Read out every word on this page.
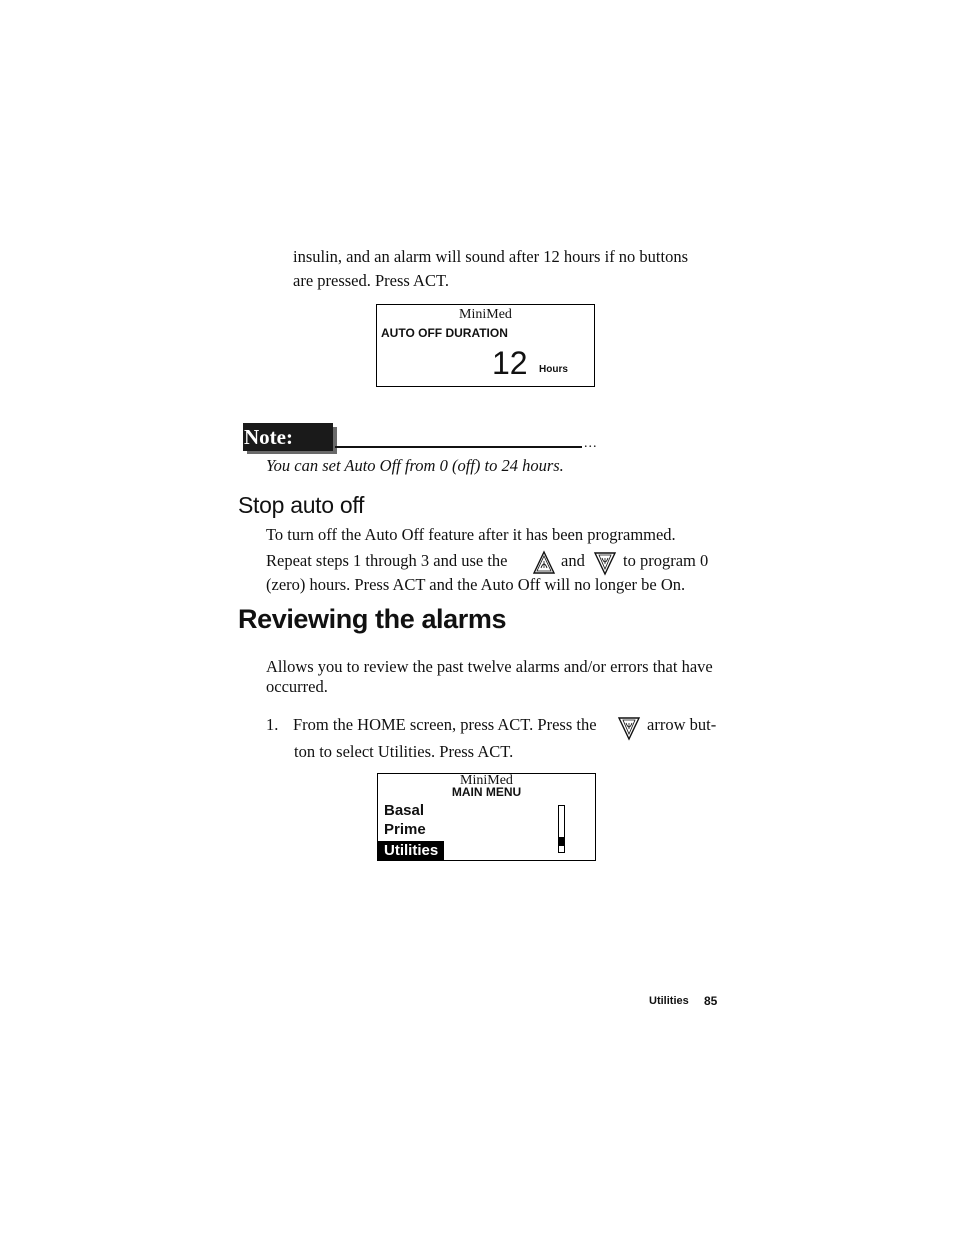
insulin, and an alarm will sound after 12 hours if no buttons
are pressed. Press ACT.
MiniMed
AUTO OFF DURATION
12 Hours
Note:	...
You can set Auto Off from 0 (off) to 24 hours.
Stop auto off
To turn off the Auto Off feature after it has been programmed.
Repeat steps 1 through 3 and use the	and to program 0
(zero) hours. Press ACT and the Auto Off will no longer be On.
Reviewing the alarms
Allows you to review the past twelve alarms and/or errors that have
occurred.
1. From the HOME screen, press ACT. Press the	arrow but-
ton to select Utilities. Press ACT.
MiniMed
MAIN MENU
Basal
Prime
Utilities
Utilities 85
